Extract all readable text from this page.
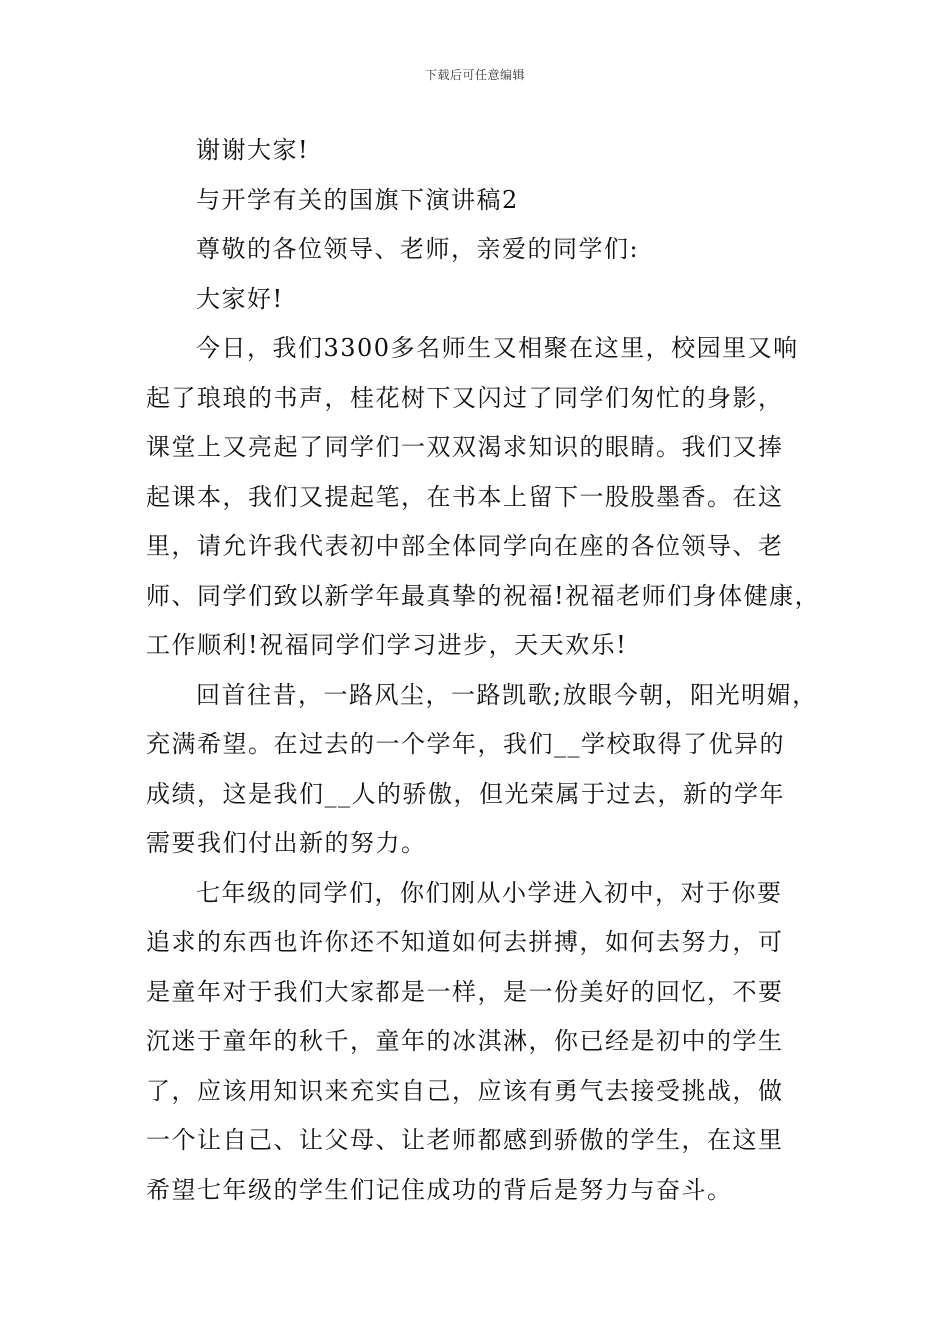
下载后可任意编辑
谢谢大家!
与开学有关的国旗下演讲稿2
尊敬的各位领导、老师，亲爱的同学们:
大家好!
今日，我们3300多名师生又相聚在这里，校园里又响
起了琅琅的书声，桂花树下又闪过了同学们匆忙的身影，
课堂上又亮起了同学们一双双渴求知识的眼睛。我们又捧
起课本，我们又提起笔，在书本上留下一股股墨香。在这
里，请允许我代表初中部全体同学向在座的各位领导、老
师、同学们致以新学年最真挚的祝福!祝福老师们身体健康，
工作顺利!祝福同学们学习进步，天天欢乐!
回首往昔，一路风尘，一路凯歌;放眼今朝，阳光明媚，
充满希望。在过去的一个学年，我们__学校取得了优异的
成绩，这是我们__人的骄傲，但光荣属于过去，新的学年
需要我们付出新的努力。
七年级的同学们，你们刚从小学进入初中，对于你要
追求的东西也许你还不知道如何去拼搏，如何去努力，可
是童年对于我们大家都是一样，是一份美好的回忆，不要
沉迷于童年的秋千，童年的冰淇淋，你已经是初中的学生
了，应该用知识来充实自己，应该有勇气去接受挑战，做
一个让自己、让父母、让老师都感到骄傲的学生，在这里
希望七年级的学生们记住成功的背后是努力与奋斗。
